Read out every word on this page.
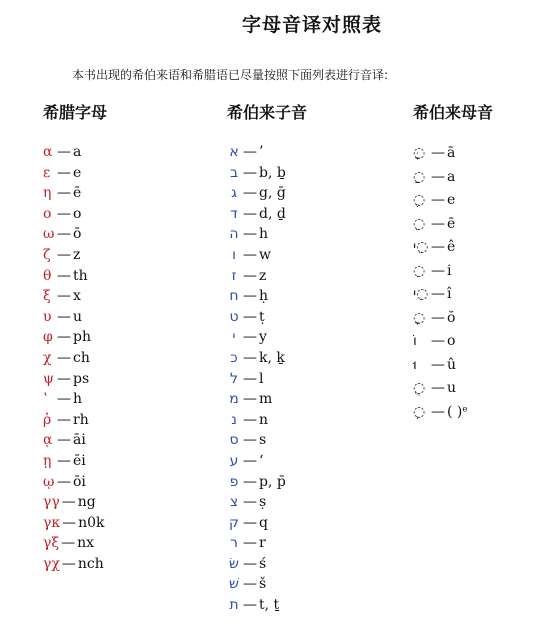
字母音译对照表
本书出现的希伯来语和希腊语已尽量按照下面列表进行音译:
希腊字母
α — a
ε — e
η — ē
ο — o
ω — ō
ζ — z
θ — th
ξ — x
υ — u
φ — ph
χ — ch
ψ — ps
ʽ — h
ῥ — rh
ᾳ — āi
ῃ — ēi
ῳ — ōi
γγ — ng
γκ — n0k
γξ — nx
γχ — nch
希伯来子音
א — ’
ב — b, ḇ
ג — g, ḡ
ד — d, ḏ
ה — h
ו — w
ז — z
ח — ḥ
ט — ṭ
י — y
כ — k, ḵ
ל — l
מ — m
נ — n
ס — s
ע — ‘
פ — p, p̄
צ — ṣ
ק — q
ר — r
שׂ — ś
שׁ — š
ת — t, ṯ
希伯来母音
ּ◌ָ — ā
◌ַ — a
◌ֶ — e
◌ֵ — ē
י◌ֵ — ê
◌ִ — i
י◌ִ — î
◌ָ — ŏ
וֹ — o
וּ — û
◌ֻ — u
◌ְ — ( )ᵉ
